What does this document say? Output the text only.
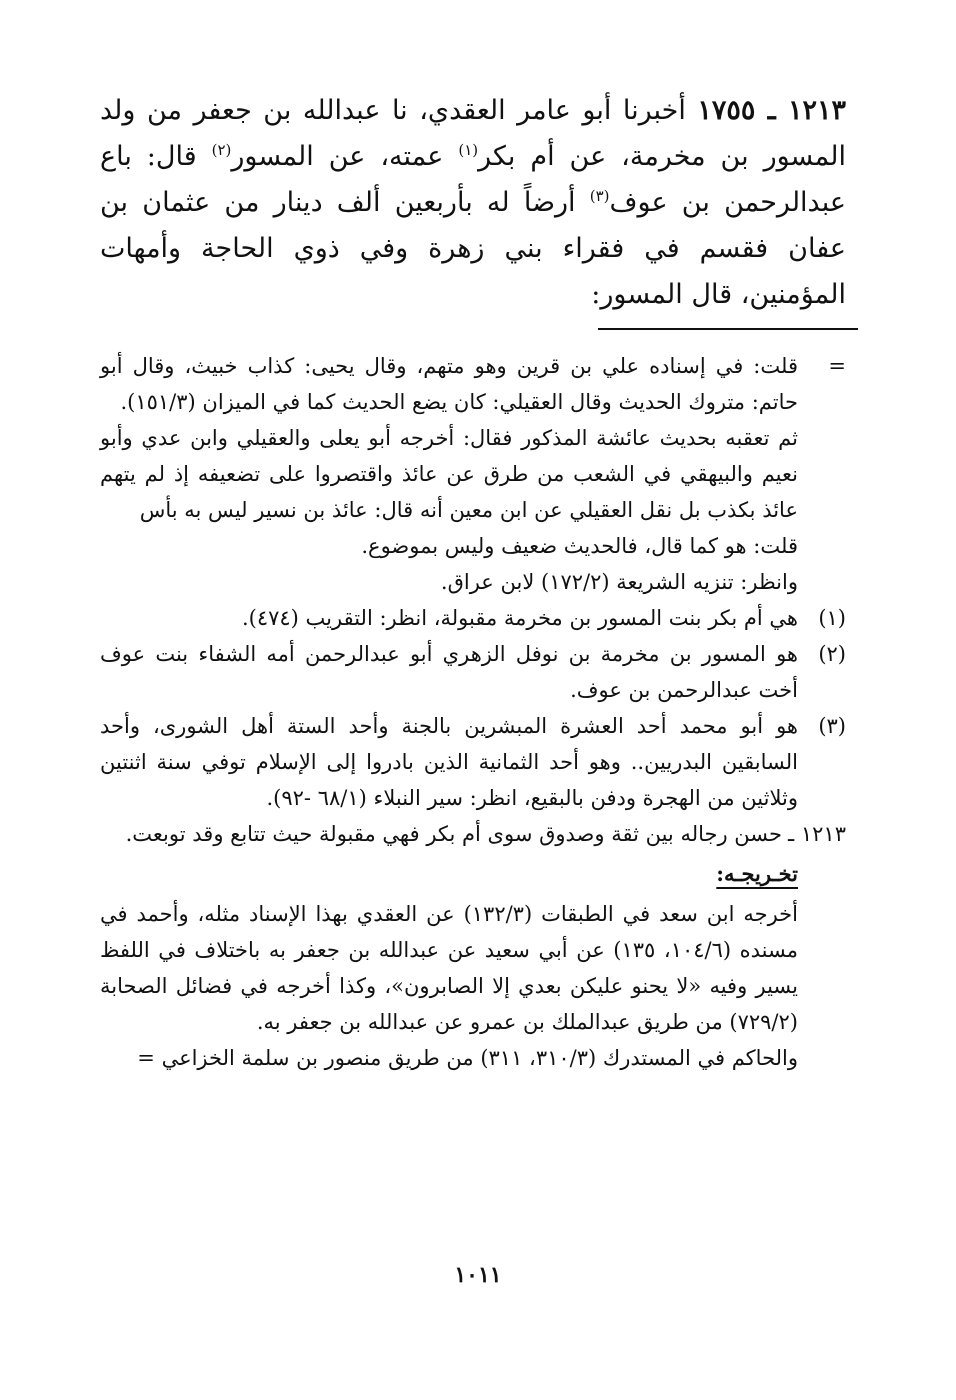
١٢١٣ ـ ١٧٥٥ أخبرنا أبو عامر العقدي، نا عبدالله بن جعفر من ولد المسور بن مخرمة، عن أم بكر$^{(١)}$ عمته، عن المسور$^{(٢)}$ قال: باع عبدالرحمن بن عوف$^{(٣)}$ أرضاً له بأربعين ألف دينار من عثمان بن عفان فقسم في فقراء بني زهرة وفي ذوي الحاجة وأمهات المؤمنين، قال المسور:
=

قلت: في إسناده علي بن قرين وهو متهم، وقال يحيى: كذاب خبيث، وقال أبو حاتم: متروك الحديث وقال العقيلي: كان يضع الحديث كما في الميزان (١٥١/٣).

ثم تعقبه بحديث عائشة المذكور فقال: أخرجه أبو يعلى والعقيلي وابن عدي وأبو نعيم والبيهقي في الشعب من طرق عن عائذ واقتصروا على تضعيفه إذ لم يتهم عائذ بكذب بل نقل العقيلي عن ابن معين أنه قال: عائذ بن نسير ليس به بأس

قلت: هو كما قال، فالحديث ضعيف وليس بموضوع.

وانظر: تنزيه الشريعة (١٧٢/٢) لابن عراق.

(١)
هي أم بكر بنت المسور بن مخرمة مقبولة، انظر: التقريب (٤٧٤).
(٢)
هو المسور بن مخرمة بن نوفل الزهري أبو عبدالرحمن أمه الشفاء بنت عوف أخت عبدالرحمن بن عوف.
(٣)
هو أبو محمد أحد العشرة المبشرين بالجنة وأحد الستة أهل الشورى، وأحد السابقين البدريين.. وهو أحد الثمانية الذين بادروا إلى الإسلام توفي سنة اثنتين وثلاثين من الهجرة ودفن بالبقيع، انظر: سير النبلاء (٦٨/١ -٩٢).
١٢١٣ ـ
حسن رجاله بين ثقة وصدوق سوى أم بكر فهي مقبولة حيث تتابع وقد توبعت.
تخـريجـه:

أخرجه ابن سعد في الطبقات (١٣٢/٣) عن العقدي بهذا الإسناد مثله، وأحمد في مسنده (١٠٤/٦، ١٣٥) عن أبي سعيد عن عبدالله بن جعفر به باختلاف في اللفظ يسير وفيه «لا يحنو عليكن بعدي إلا الصابرون»، وكذا أخرجه في فضائل الصحابة (٧٢٩/٢) من طريق عبدالملك بن عمرو عن عبدالله بن جعفر به.

والحاكم في المستدرك (٣١٠/٣، ٣١١) من طريق منصور بن سلمة الخزاعي =

١٠١١
